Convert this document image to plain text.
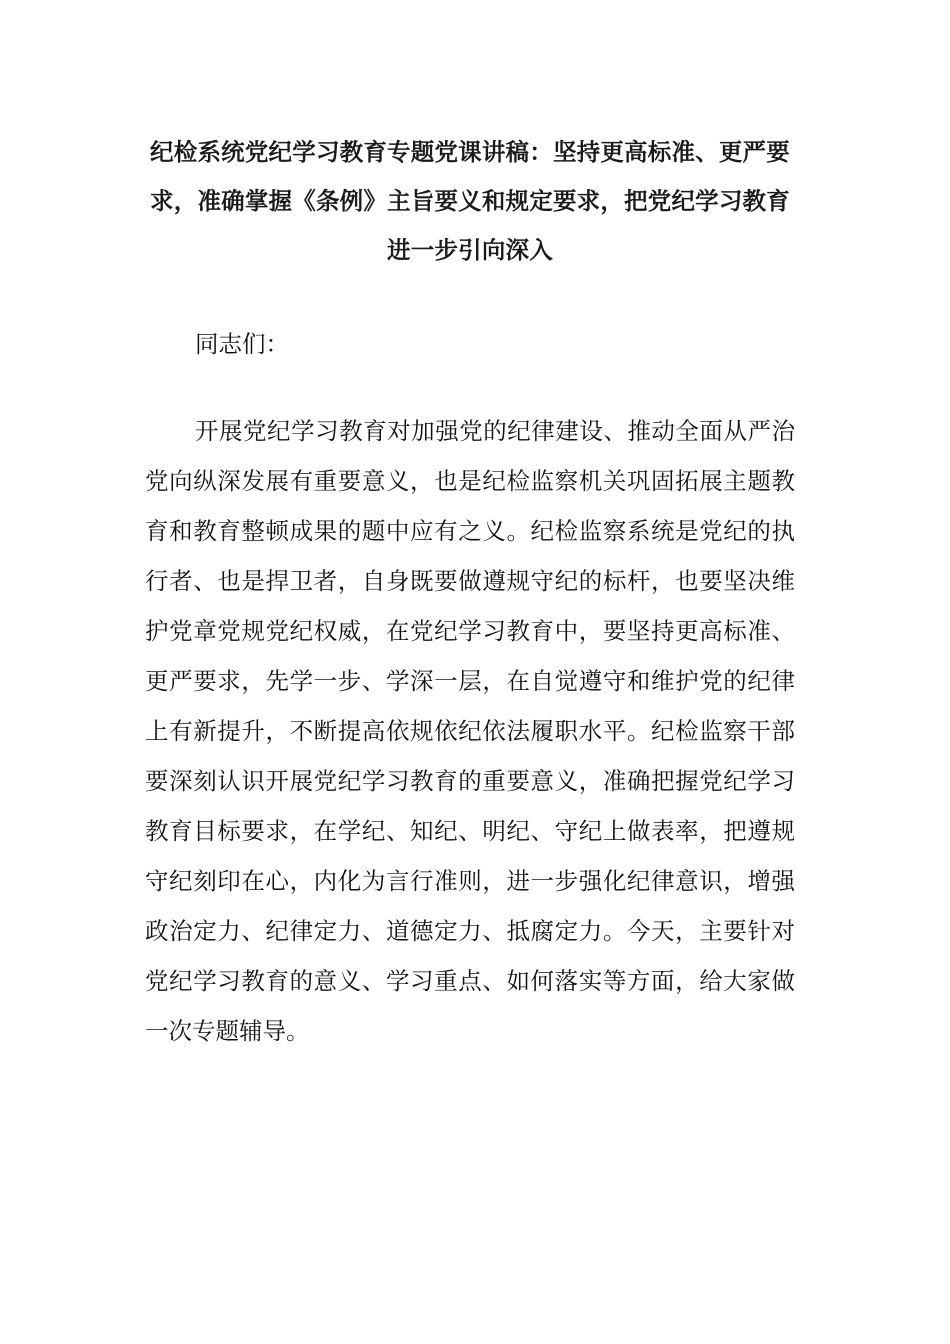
纪检系统党纪学习教育专题党课讲稿：坚持更高标准、更严要求，准确掌握《条例》主旨要义和规定要求，把党纪学习教育进一步引向深入

同志们：

开展党纪学习教育对加强党的纪律建设、推动全面从严治党向纵深发展有重要意义，也是纪检监察机关巩固拓展主题教育和教育整顿成果的题中应有之义。纪检监察系统是党纪的执行者、也是捍卫者，自身既要做遵规守纪的标杆，也要坚决维护党章党规党纪权威，在党纪学习教育中，要坚持更高标准、更严要求，先学一步、学深一层，在自觉遵守和维护党的纪律上有新提升，不断提高依规依纪依法履职水平。纪检监察干部要深刻认识开展党纪学习教育的重要意义，准确把握党纪学习教育目标要求，在学纪、知纪、明纪、守纪上做表率，把遵规守纪刻印在心，内化为言行准则，进一步强化纪律意识，增强政治定力、纪律定力、道德定力、抵腐定力。今天，主要针对党纪学习教育的意义、学习重点、如何落实等方面，给大家做一次专题辅导。
